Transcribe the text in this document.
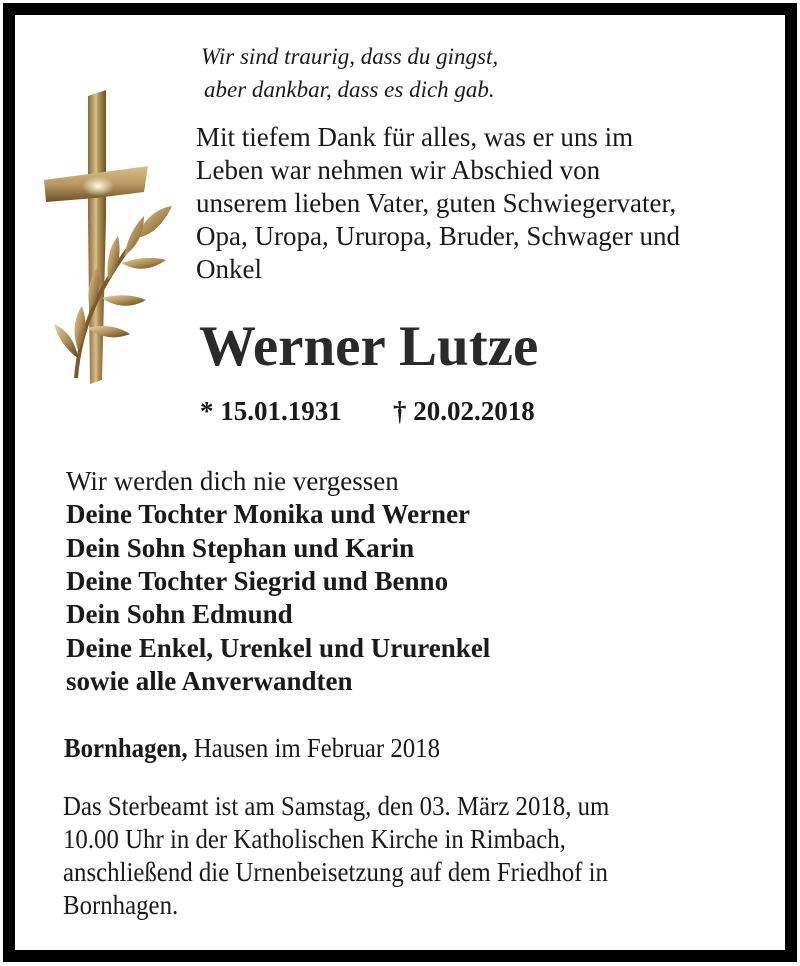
Wir sind traurig, dass du gingst,
aber dankbar, dass es dich gab.
Mit tiefem Dank für alles, was er uns im
Leben war nehmen wir Abschied von
unserem lieben Vater, guten Schwiegervater,
Opa, Uropa, Ururopa, Bruder, Schwager und
Onkel
Werner Lutze
* 15.01.1931 † 20.02.2018
Wir werden dich nie vergessen
Deine Tochter Monika und Werner
Dein Sohn Stephan und Karin
Deine Tochter Siegrid und Benno
Dein Sohn Edmund
Deine Enkel, Urenkel und Ururenkel
sowie alle Anverwandten
Bornhagen, Hausen im Februar 2018
Das Sterbeamt ist am Samstag, den 03. März 2018, um
10.00 Uhr in der Katholischen Kirche in Rimbach,
anschließend die Urnenbeisetzung auf dem Friedhof in
Bornhagen.
